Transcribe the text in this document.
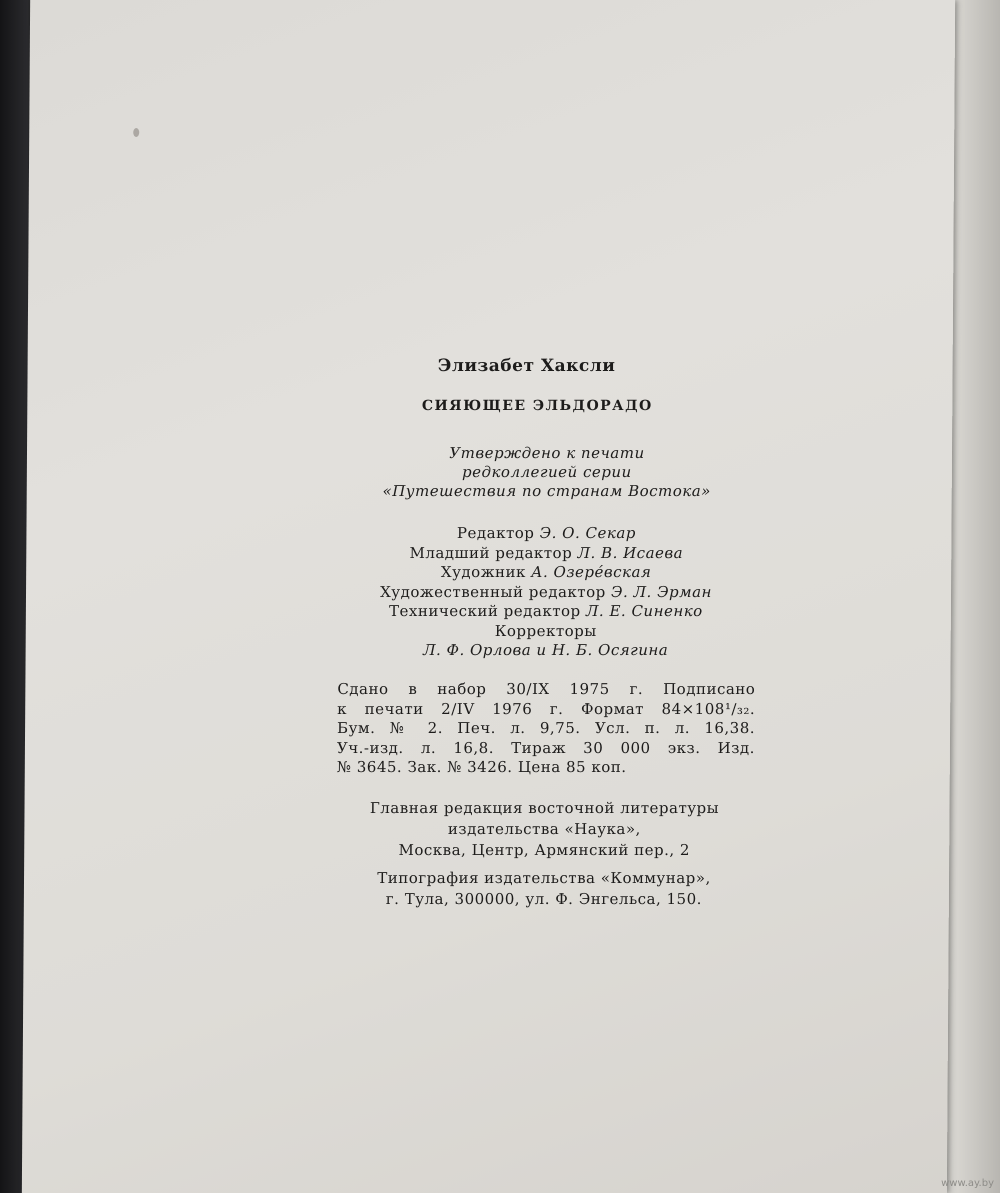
Элизабет Хаксли
СИЯЮЩЕЕ ЭЛЬДОРАДО
Утверждено к печати
редколлегией серии
«Путешествия по странам Востока»
Редактор Э. О. Секар
Младший редактор Л. В. Исаева
Художник А. Озерéвская
Художественный редактор Э. Л. Эрман
Технический редактор Л. Е. Синенко
Корректоры
Л. Ф. Орлова и Н. Б. Осягина
Сдано в набор 30/IX 1975 г. Подписано
к печати 2/IV 1976 г. Формат 84×108¹/₃₂.
Бум. № 2. Печ. л. 9,75. Усл. п. л. 16,38.
Уч.-изд. л. 16,8. Тираж 30 000 экз. Изд.
№ 3645. Зак. № 3426. Цена 85 коп.
Главная редакция восточной литературы
издательства «Наука»,
Москва, Центр, Армянский пер., 2
Типография издательства «Коммунар»,
г. Тула, 300000, ул. Ф. Энгельса, 150.
www.ay.by
